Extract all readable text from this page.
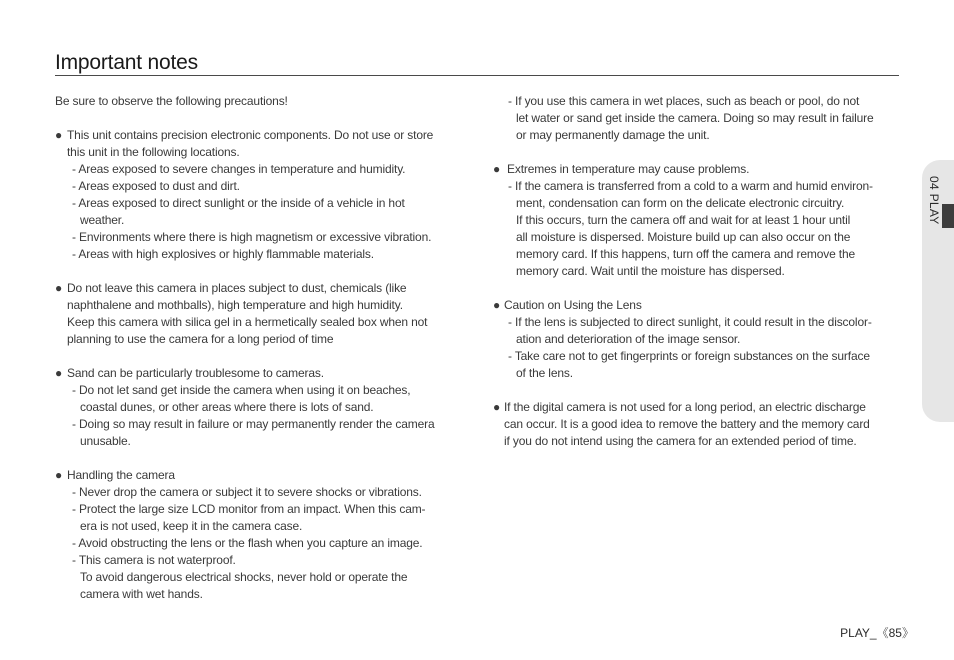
Important notes
Be sure to observe the following precautions!
● This unit contains precision electronic components. Do not use or store
this unit in the following locations.
- Areas exposed to severe changes in temperature and humidity.
- Areas exposed to dust and dirt.
- Areas exposed to direct sunlight or the inside of a vehicle in hot
weather.
- Environments where there is high magnetism or excessive vibration.
- Areas with high explosives or highly flammable materials.
● Do not leave this camera in places subject to dust, chemicals (like
naphthalene and mothballs), high temperature and high humidity.
Keep this camera with silica gel in a hermetically sealed box when not
planning to use the camera for a long period of time
● Sand can be particularly troublesome to cameras.
- Do not let sand get inside the camera when using it on beaches,
coastal dunes, or other areas where there is lots of sand.
- Doing so may result in failure or may permanently render the camera
unusable.
● Handling the camera
- Never drop the camera or subject it to severe shocks or vibrations.
- Protect the large size LCD monitor from an impact. When this cam-
era is not used, keep it in the camera case.
- Avoid obstructing the lens or the flash when you capture an image.
- This camera is not waterproof.
To avoid dangerous electrical shocks, never hold or operate the
camera with wet hands.
- If you use this camera in wet places, such as beach or pool, do not
let water or sand get inside the camera. Doing so may result in failure
or may permanently damage the unit.
● Extremes in temperature may cause problems.
- If the camera is transferred from a cold to a warm and humid environ-
ment, condensation can form on the delicate electronic circuitry.
If this occurs, turn the camera off and wait for at least 1 hour until
all moisture is dispersed. Moisture build up can also occur on the
memory card. If this happens, turn off the camera and remove the
memory card. Wait until the moisture has dispersed.
● Caution on Using the Lens
- If the lens is subjected to direct sunlight, it could result in the discolor-
ation and deterioration of the image sensor.
- Take care not to get fingerprints or foreign substances on the surface
of the lens.
● If the digital camera is not used for a long period, an electric discharge
can occur. It is a good idea to remove the battery and the memory card
if you do not intend using the camera for an extended period of time.
04 PLAY
PLAY_《85》
